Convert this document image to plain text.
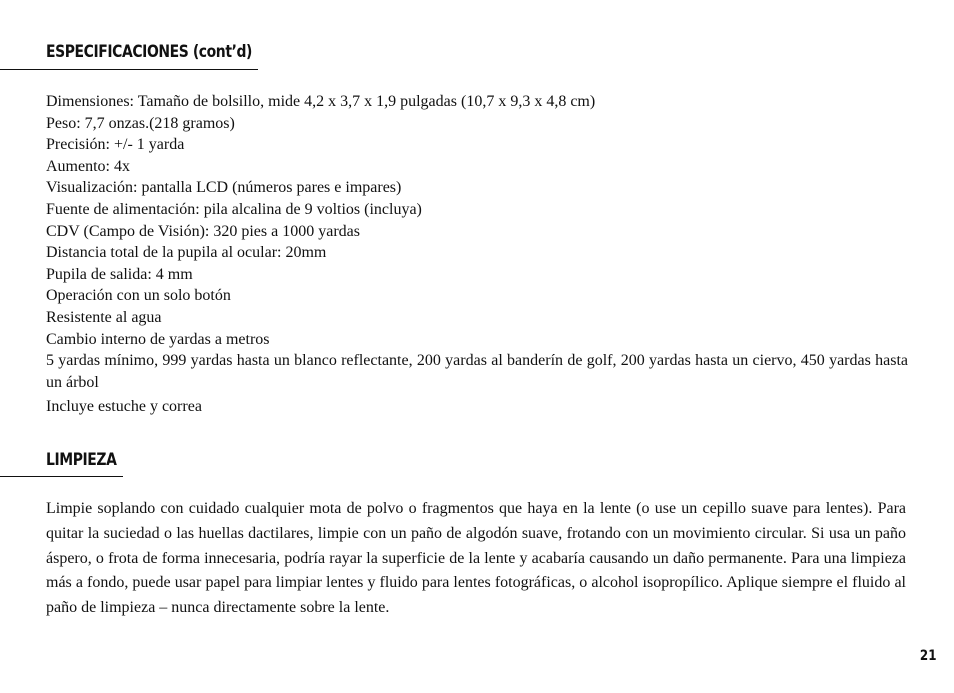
ESPECIFICACIONES (cont’d)
Dimensiones: Tamaño de bolsillo, mide 4,2 x 3,7 x 1,9 pulgadas (10,7 x 9,3 x 4,8 cm)
Peso: 7,7 onzas.(218 gramos)
Precisión: +/- 1 yarda
Aumento: 4x
Visualización: pantalla LCD (números pares e impares)
Fuente de alimentación: pila alcalina de 9 voltios (incluya)
CDV (Campo de Visión): 320 pies a 1000 yardas
Distancia total de la pupila al ocular: 20mm
Pupila de salida: 4 mm
Operación con un solo botón
Resistente al agua
Cambio interno de yardas a metros
5 yardas mínimo, 999 yardas hasta un blanco reflectante, 200 yardas al banderín de golf, 200 yardas hasta un ciervo, 450 yardas hasta un árbol
Incluye estuche y correa
LIMPIEZA

Limpie soplando con cuidado cualquier mota de polvo o fragmentos que haya en la lente (o use un cepillo suave para lentes). Para quitar la suciedad o las huellas dactilares, limpie con un paño de algodón suave, frotando con un movimiento circular. Si usa un paño áspero, o frota de forma innecesaria, podría rayar la superficie de la lente y acabaría causando un daño permanente. Para una limpieza más a fondo, puede usar papel para limpiar lentes y fluido para lentes fotográficas, o alcohol isopropílico. Aplique siempre el fluido al paño de limpieza – nunca directamente sobre la lente.

21
